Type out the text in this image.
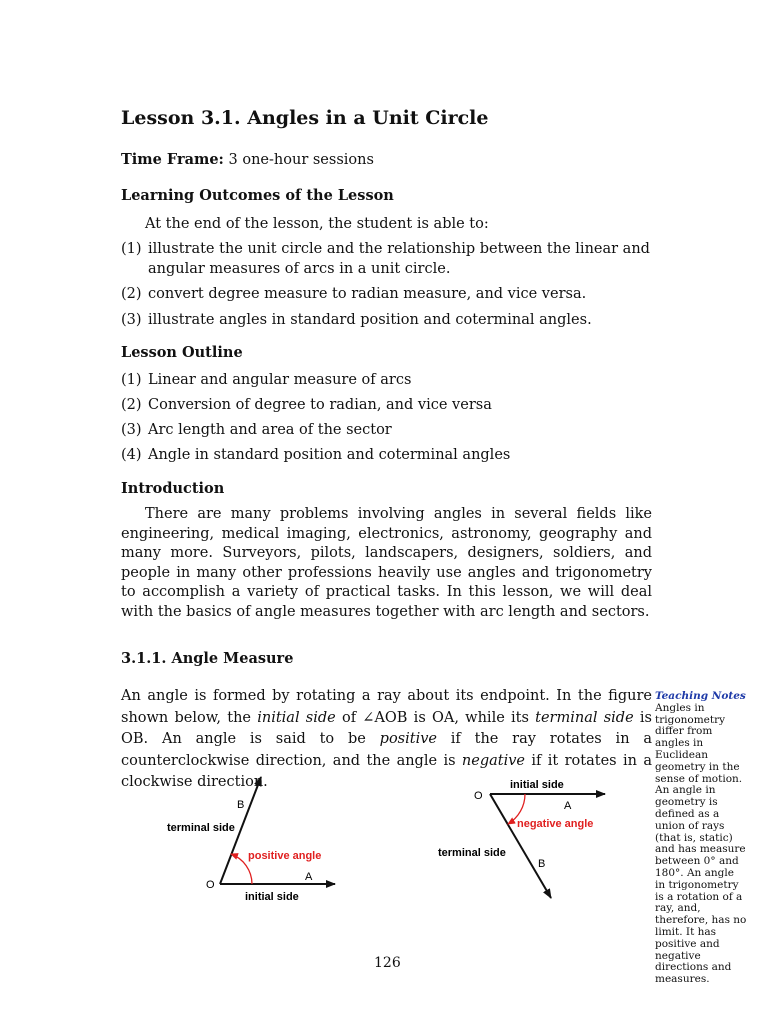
Lesson 3.1. Angles in a Unit Circle
Time Frame: 3 one-hour sessions
Learning Outcomes of the Lesson
At the end of the lesson, the student is able to:
(1) illustrate the unit circle and the relationship between the linear and angular measures of arcs in a unit circle.
(2) convert degree measure to radian measure, and vice versa.
(3) illustrate angles in standard position and coterminal angles.
Lesson Outline
(1) Linear and angular measure of arcs
(2) Conversion of degree to radian, and vice versa
(3) Arc length and area of the sector
(4) Angle in standard position and coterminal angles
Introduction
There are many problems involving angles in several fields like engineering, medical imaging, electronics, astronomy, geography and many more. Surveyors, pilots, landscapers, designers, soldiers, and people in many other professions heavily use angles and trigonometry to accomplish a variety of practical tasks. In this lesson, we will deal with the basics of angle measures together with arc length and sectors.
3.1.1. Angle Measure
An angle is formed by rotating a ray about its endpoint. In the figure shown below, the initial side of ∠AOB is OA, while its terminal side is OB. An angle is said to be positive if the ray rotates in a counterclockwise direction, and the angle is negative if it rotates in a clockwise direction.
B
terminal side
positive angle
O
A
initial side
O
initial side
A
negative angle
terminal side
B
Teaching Notes
Angles in trigonometry differ from angles in Euclidean geometry in the sense of motion. An angle in geometry is defined as a union of rays (that is, static) and has measure between 0° and 180°. An angle in trigonometry is a rotation of a ray, and, therefore, has no limit. It has positive and negative directions and measures.
126
